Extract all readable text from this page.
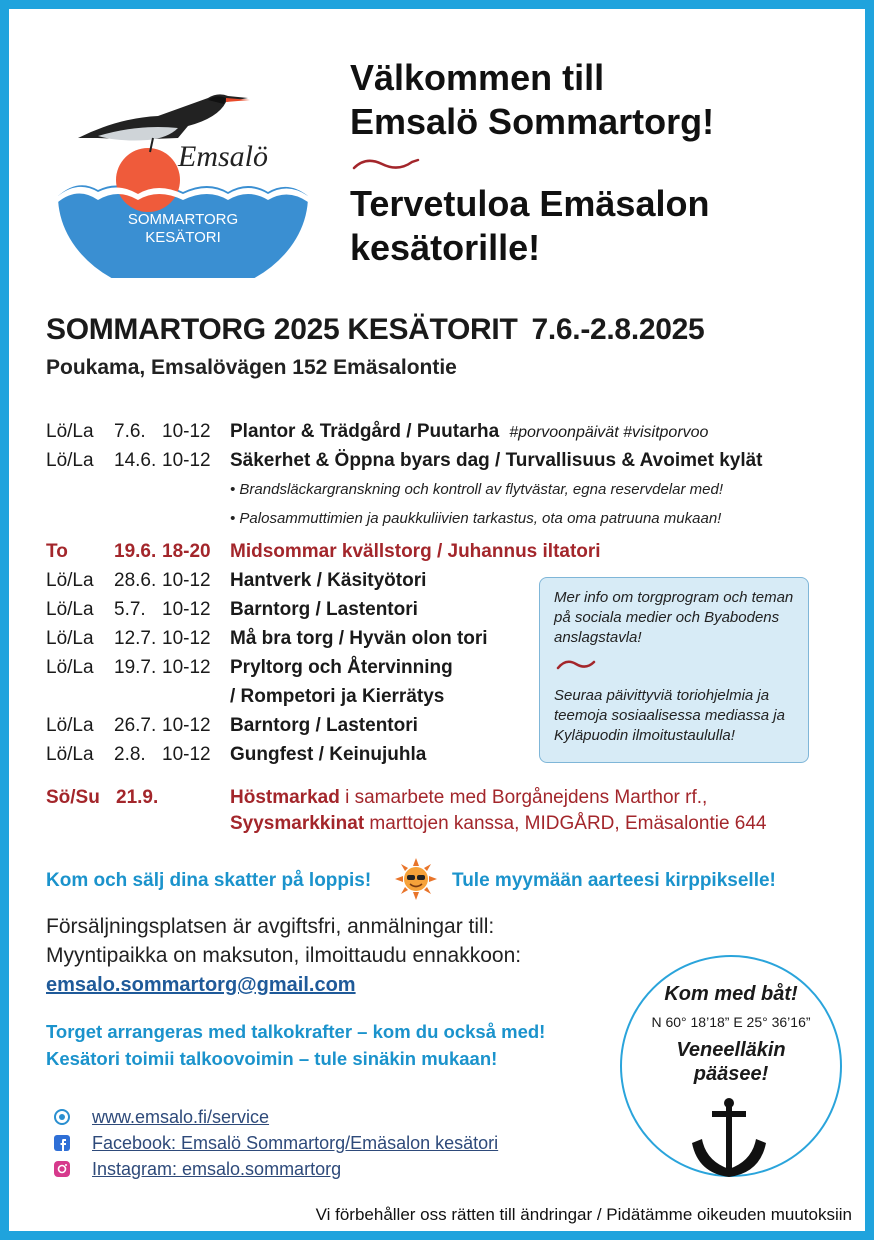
Emsalö
SOMMARTORG
KESÄTORI
Välkommen till
Emsalö Sommartorg!
Tervetuloa Emäsalon
kesätorille!
SOMMARTORG 2025 KESÄTORIT 7.6.-2.8.2025
Poukama, Emsalövägen 152 Emäsalontie
Lö/La 7.6. 10-12 Plantor & Trädgård / Puutarha #porvoonpäivät #visitporvoo
Lö/La 14.6. 10-12 Säkerhet & Öppna byars dag / Turvallisuus & Avoimet kylät
• Brandsläckargranskning och kontroll av flytvästar, egna reservdelar med!
• Palosammuttimien ja paukkuliivien tarkastus, ota oma patruuna mukaan!
To 19.6. 18-20 Midsommar kvällstorg / Juhannus iltatori
Lö/La 28.6. 10-12 Hantverk / Käsityötori
Lö/La 5.7. 10-12 Barntorg / Lastentori
Lö/La 12.7. 10-12 Må bra torg / Hyvän olon tori
Lö/La 19.7. 10-12 Pryltorg och Återvinning
/ Rompetori ja Kierrätys
Lö/La 26.7. 10-12 Barntorg / Lastentori
Lö/La 2.8. 10-12 Gungfest / Keinujuhla

Mer info om torgprogram och teman på sociala medier och Byabodens anslagstavla!

Seuraa päivittyviä toriohjelmia ja teemoja sosiaalisessa mediassa ja Kyläpuodin ilmoitustaululla!

Sö/Su 21.9.	Höstmarkad i samarbete med Borgånejdens Marthor rf.,
Syysmarkkinat marttojen kanssa, MIDGÅRD, Emäsalontie 644
Kom och sälj dina skatter på loppis!	Tule myymään aarteesi kirppikselle!
Försäljningsplatsen är avgiftsfri, anmälningar till:
Myyntipaikka on maksuton, ilmoittaudu ennakkoon:
emsalo.sommartorg@gmail.com
Torget arrangeras med talkokrafter – kom du också med!
Kesätori toimii talkoovoimin – tule sinäkin mukaan!
Kom med båt!
N 60° 18’18” E 25° 36’16”
Veneelläkin
pääsee!
www.emsalo.fi/service
Facebook: Emsalö Sommartorg/Emäsalon kesätori
Instagram: emsalo.sommartorg
Vi förbehåller oss rätten till ändringar / Pidätämme oikeuden muutoksiin
